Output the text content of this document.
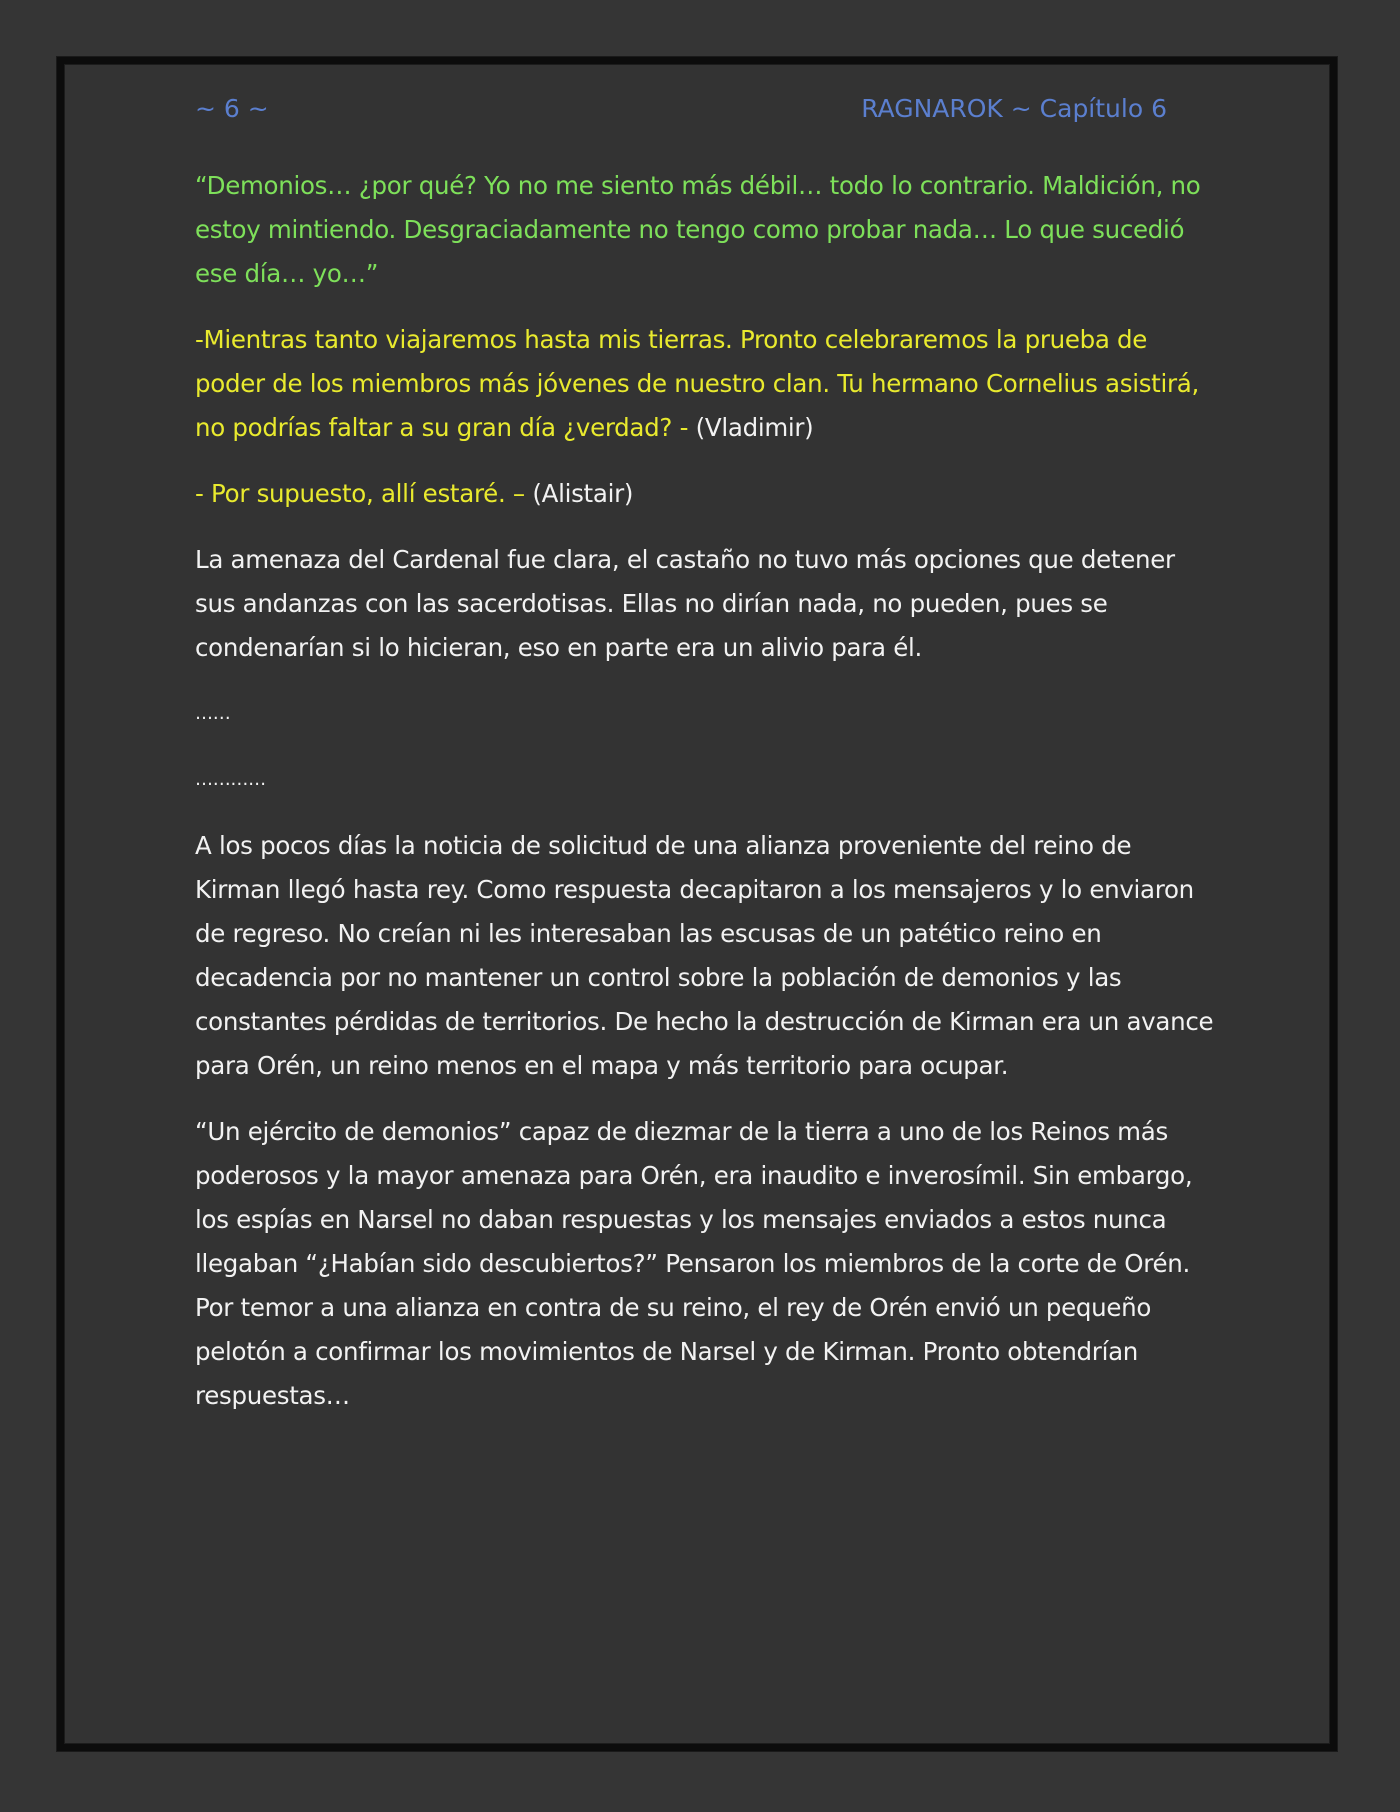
~ 6 ~	RAGNAROK ~ Capítulo 6

“Demonios… ¿por qué? Yo no me siento más débil… todo lo contrario. Maldición, no estoy mintiendo. Desgraciadamente no tengo como probar nada… Lo que sucedió ese día… yo…”

-Mientras tanto viajaremos hasta mis tierras. Pronto celebraremos la prueba de poder de los miembros más jóvenes de nuestro clan. Tu hermano Cornelius asistirá, no podrías faltar a su gran día ¿verdad? - (Vladimir)

- Por supuesto, allí estaré. – (Alistair)

La amenaza del Cardenal fue clara, el castaño no tuvo más opciones que detener sus andanzas con las sacerdotisas. Ellas no dirían nada, no pueden, pues se condenarían si lo hicieran, eso en parte era un alivio para él.

……

…………

A los pocos días la noticia de solicitud de una alianza proveniente del reino de Kirman llegó hasta rey. Como respuesta decapitaron a los mensajeros y lo enviaron de regreso. No creían ni les interesaban las escusas de un patético reino en decadencia por no mantener un control sobre la población de demonios y las constantes pérdidas de territorios. De hecho la destrucción de Kirman era un avance para Orén, un reino menos en el mapa y más territorio para ocupar.

“Un ejército de demonios” capaz de diezmar de la tierra a uno de los Reinos más poderosos y la mayor amenaza para Orén, era inaudito e inverosímil. Sin embargo, los espías en Narsel no daban respuestas y los mensajes enviados a estos nunca llegaban “¿Habían sido descubiertos?” Pensaron los miembros de la corte de Orén. Por temor a una alianza en contra de su reino, el rey de Orén envió un pequeño pelotón a confirmar los movimientos de Narsel y de Kirman. Pronto obtendrían respuestas…
